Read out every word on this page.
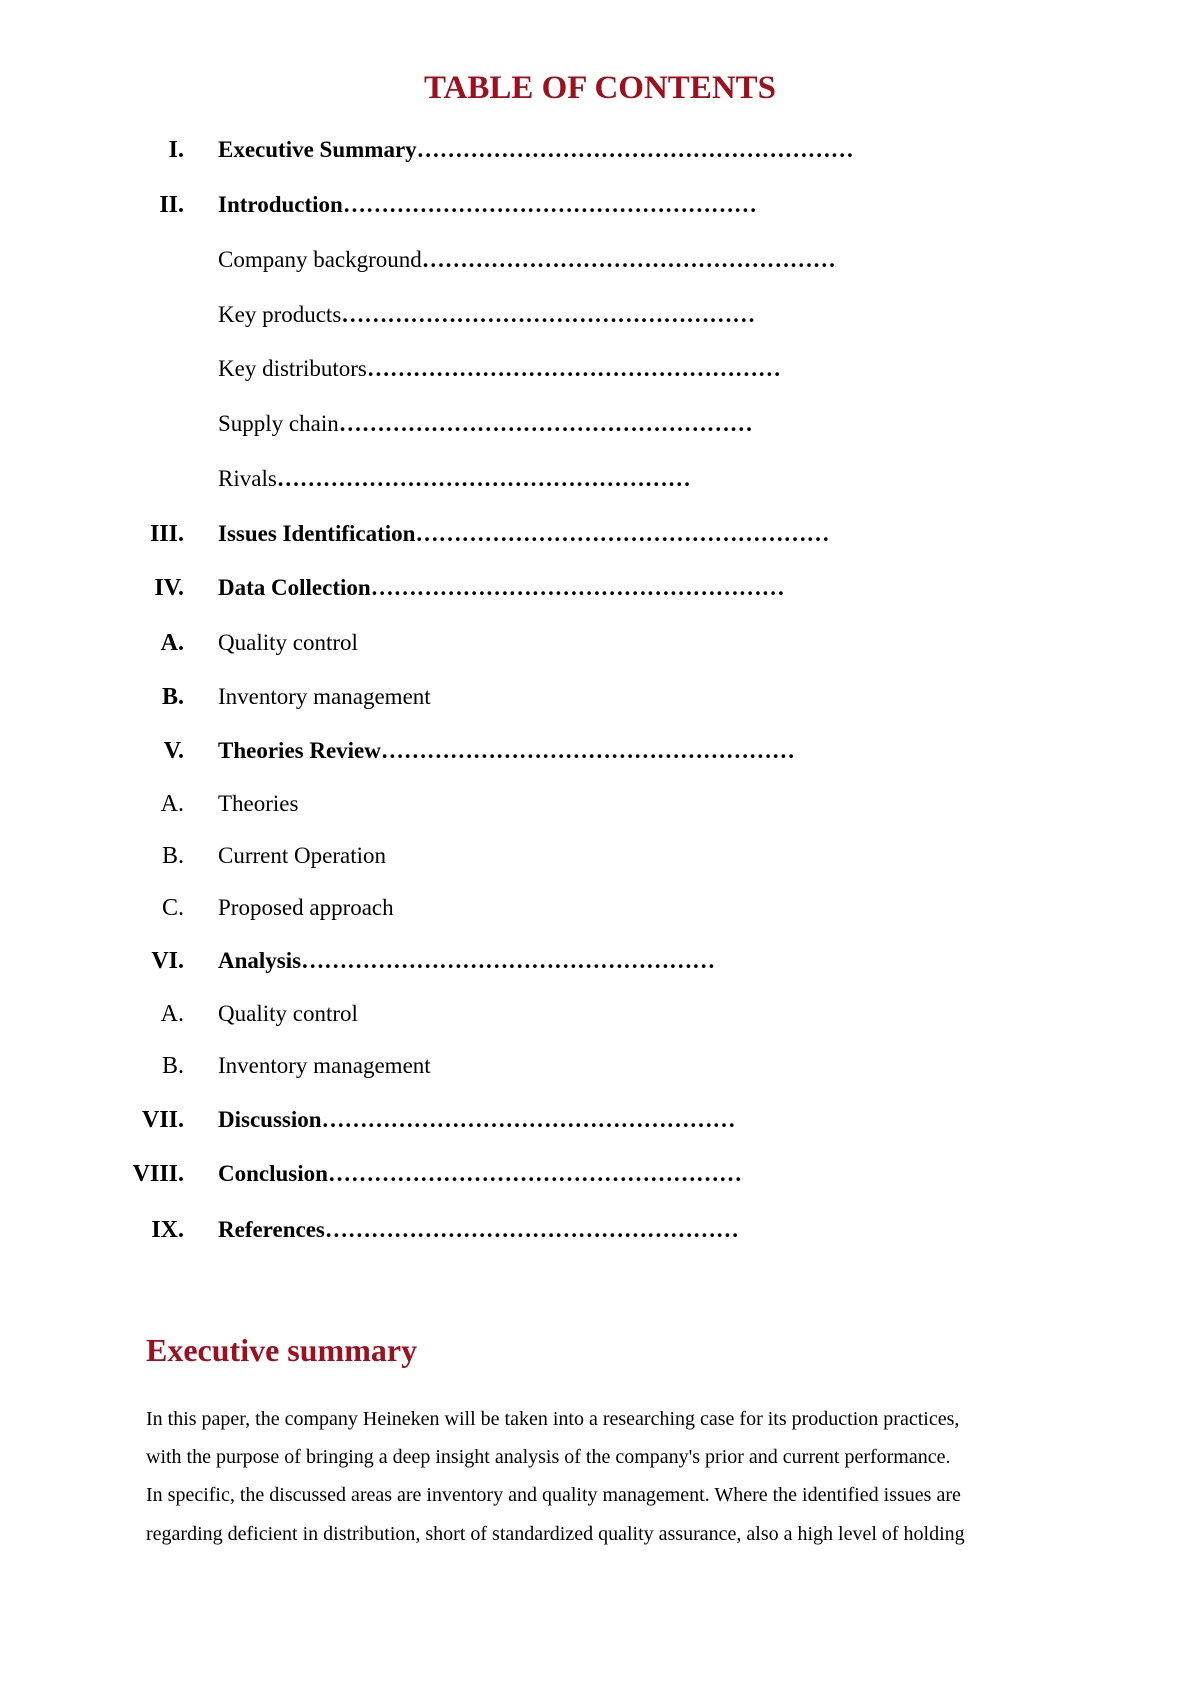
TABLE OF CONTENTS
I. Executive Summary…………………………………………………
II. Introduction………………………………………………
Company background………………………………………………
Key products………………………………………………
Key distributors………………………………………………
Supply chain………………………………………………
Rivals………………………………………………
III. Issues Identification………………………………………………
IV. Data Collection………………………………………………
A. Quality control
B. Inventory management
V. Theories Review………………………………………………
A. Theories
B. Current Operation
C. Proposed approach
VI. Analysis………………………………………………
A. Quality control
B. Inventory management
VII. Discussion………………………………………………
VIII. Conclusion………………………………………………
IX. References………………………………………………
Executive summary
In this paper, the company Heineken will be taken into a researching case for its production practices,
with the purpose of bringing a deep insight analysis of the company's prior and current performance.
In specific, the discussed areas are inventory and quality management. Where the identified issues are
regarding deficient in distribution, short of standardized quality assurance, also a high level of holding
